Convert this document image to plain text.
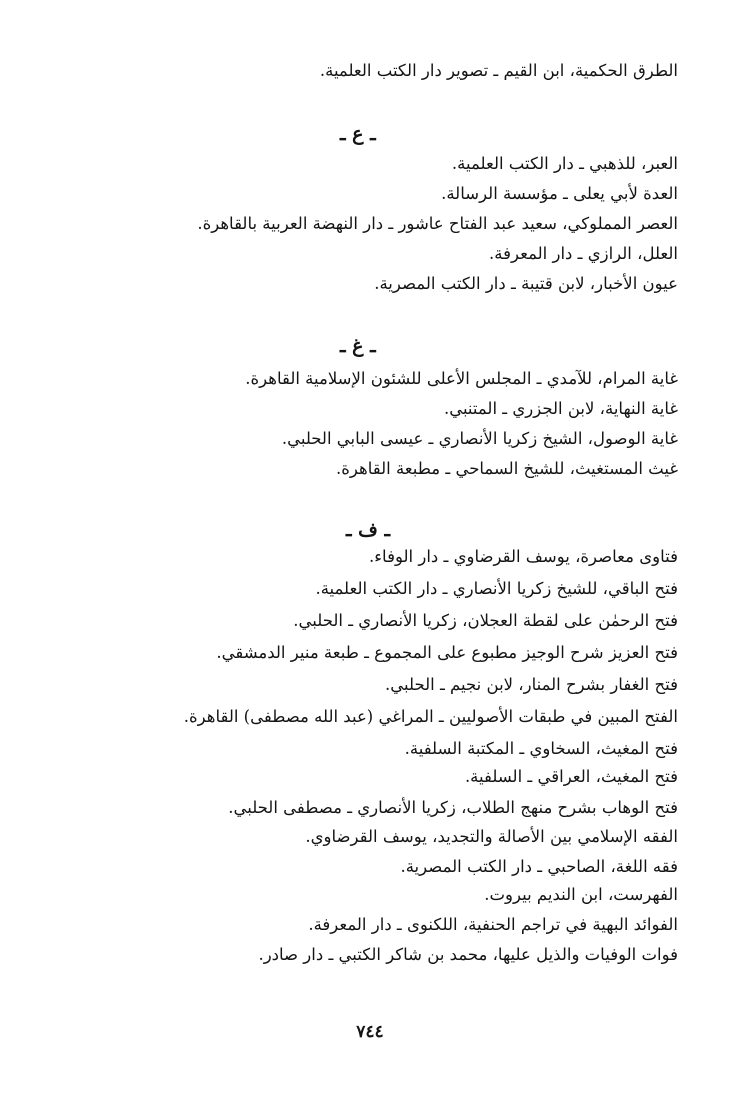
الطرق الحكمية، ابن القيم ـ تصوير دار الكتب العلمية.
ـ ع ـ
العبر، للذهبي ـ دار الكتب العلمية.
العدة لأبي يعلى ـ مؤسسة الرسالة.
العصر المملوكي، سعيد عبد الفتاح عاشور ـ دار النهضة العربية بالقاهرة.
العلل، الرازي ـ دار المعرفة.
عيون الأخبار، لابن قتيبة ـ دار الكتب المصرية.
ـ غ ـ
غاية المرام، للآمدي ـ المجلس الأعلى للشئون الإسلامية القاهرة.
غاية النهاية، لابن الجزري ـ المتنبي.
غاية الوصول، الشيخ زكريا الأنصاري ـ عيسى البابي الحلبي.
غيث المستغيث، للشيخ السماحي ـ مطبعة القاهرة.
ـ ف ـ
فتاوى معاصرة، يوسف القرضاوي ـ دار الوفاء.
فتح الباقي، للشيخ زكريا الأنصاري ـ دار الكتب العلمية.
فتح الرحمٰن على لقطة العجلان، زكريا الأنصاري ـ الحلبي.
فتح العزيز شرح الوجيز مطبوع على المجموع ـ طبعة منير الدمشقي.
فتح الغفار بشرح المنار، لابن نجيم ـ الحلبي.
الفتح المبين في طبقات الأصوليين ـ المراغي (عبد الله مصطفى) القاهرة.
فتح المغيث، السخاوي ـ المكتبة السلفية.
فتح المغيث، العراقي ـ السلفية.
فتح الوهاب بشرح منهج الطلاب، زكريا الأنصاري ـ مصطفى الحلبي.
الفقه الإسلامي بين الأصالة والتجديد، يوسف القرضاوي.
فقه اللغة، الصاحبي ـ دار الكتب المصرية.
الفهرست، ابن النديم بيروت.
الفوائد البهية في تراجم الحنفية، اللكنوى ـ دار المعرفة.
فوات الوفيات والذيل عليها، محمد بن شاكر الكتبي ـ دار صادر.
٧٤٤
